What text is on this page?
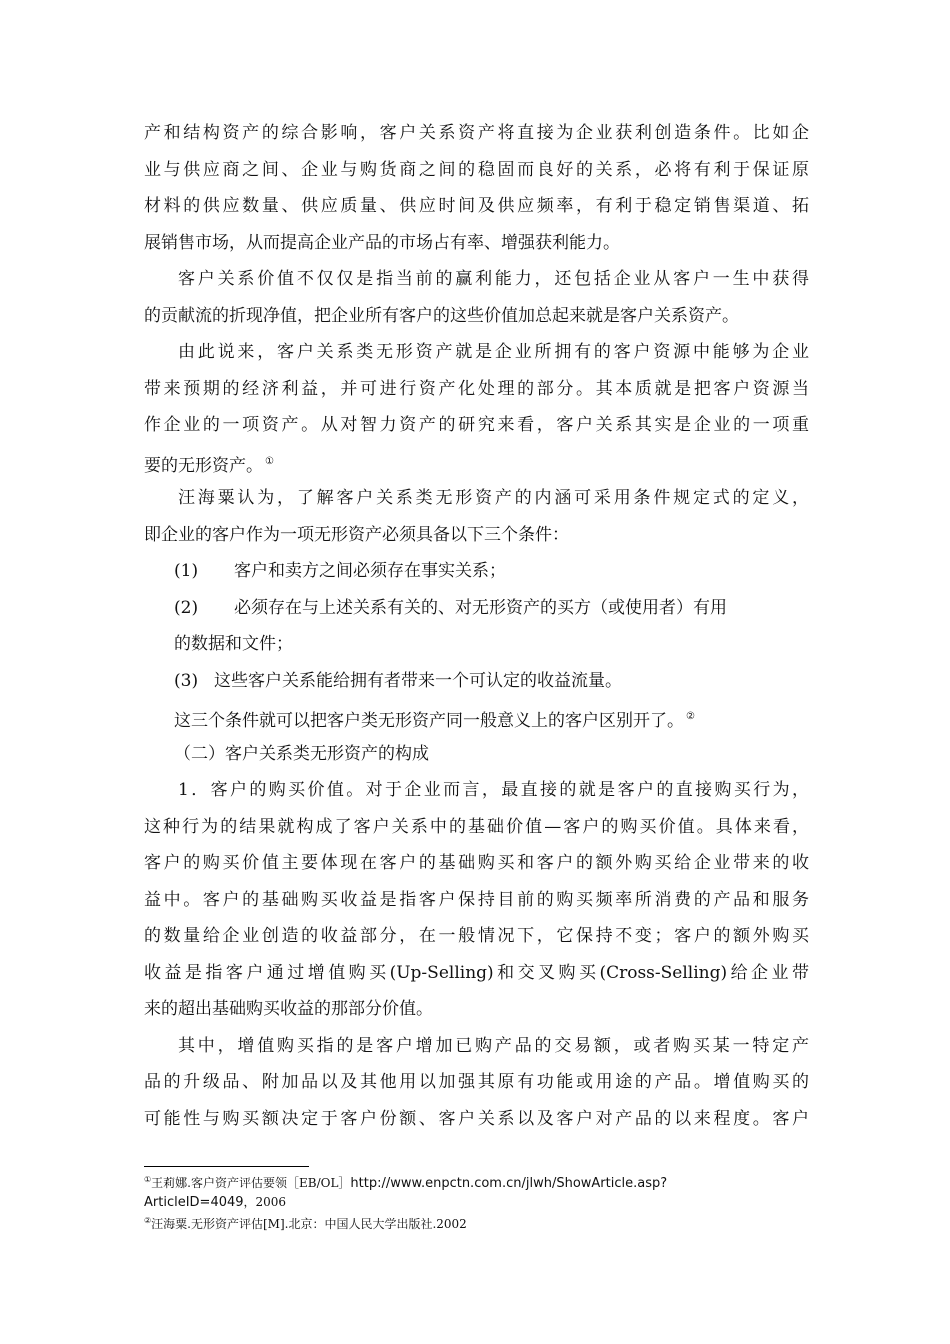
产和结构资产的综合影响，客户关系资产将直接为企业获利创造条件。比如企
业与供应商之间、企业与购货商之间的稳固而良好的关系，必将有利于保证原
材料的供应数量、供应质量、供应时间及供应频率，有利于稳定销售渠道、拓
展销售市场，从而提高企业产品的市场占有率、增强获利能力。
客户关系价值不仅仅是指当前的赢利能力，还包括企业从客户一生中获得
的贡献流的折现净值，把企业所有客户的这些价值加总起来就是客户关系资产。
由此说来，客户关系类无形资产就是企业所拥有的客户资源中能够为企业
带来预期的经济利益，并可进行资产化处理的部分。其本质就是把客户资源当
作企业的一项资产。从对智力资产的研究来看，客户关系其实是企业的一项重
要的无形资产。 ①
汪海粟认为，了解客户关系类无形资产的内涵可采用条件规定式的定义，
即企业的客户作为一项无形资产必须具备以下三个条件：
(1) 客户和卖方之间必须存在事实关系；
(2) 必须存在与上述关系有关的、对无形资产的买方（或使用者）有用
的数据和文件；
(3) 这些客户关系能给拥有者带来一个可认定的收益流量。
这三个条件就可以把客户类无形资产同一般意义上的客户区别开了。 ②
（二）客户关系类无形资产的构成
1．客户的购买价值。对于企业而言，最直接的就是客户的直接购买行为，
这种行为的结果就构成了客户关系中的基础价值—客户的购买价值。具体来看，
客户的购买价值主要体现在客户的基础购买和客户的额外购买给企业带来的收
益中。客户的基础购买收益是指客户保持目前的购买频率所消费的产品和服务
的数量给企业创造的收益部分，在一般情况下，它保持不变；客户的额外购买
收益是指客户通过增值购买(Up-Selling)和交叉购买(Cross-Selling)给企业带
来的超出基础购买收益的那部分价值。
其中，增值购买指的是客户增加已购产品的交易额，或者购买某一特定产
品的升级品、附加品以及其他用以加强其原有功能或用途的产品。增值购买的
可能性与购买额决定于客户份额、客户关系以及客户对产品的以来程度。客户
①王莉娜.客户资产评估要领［EB/OL］http://www.enpctn.com.cn/jlwh/ShowArticle.asp?
ArticleID=4049，2006
②汪海粟.无形资产评估[M].北京：中国人民大学出版社.2002
